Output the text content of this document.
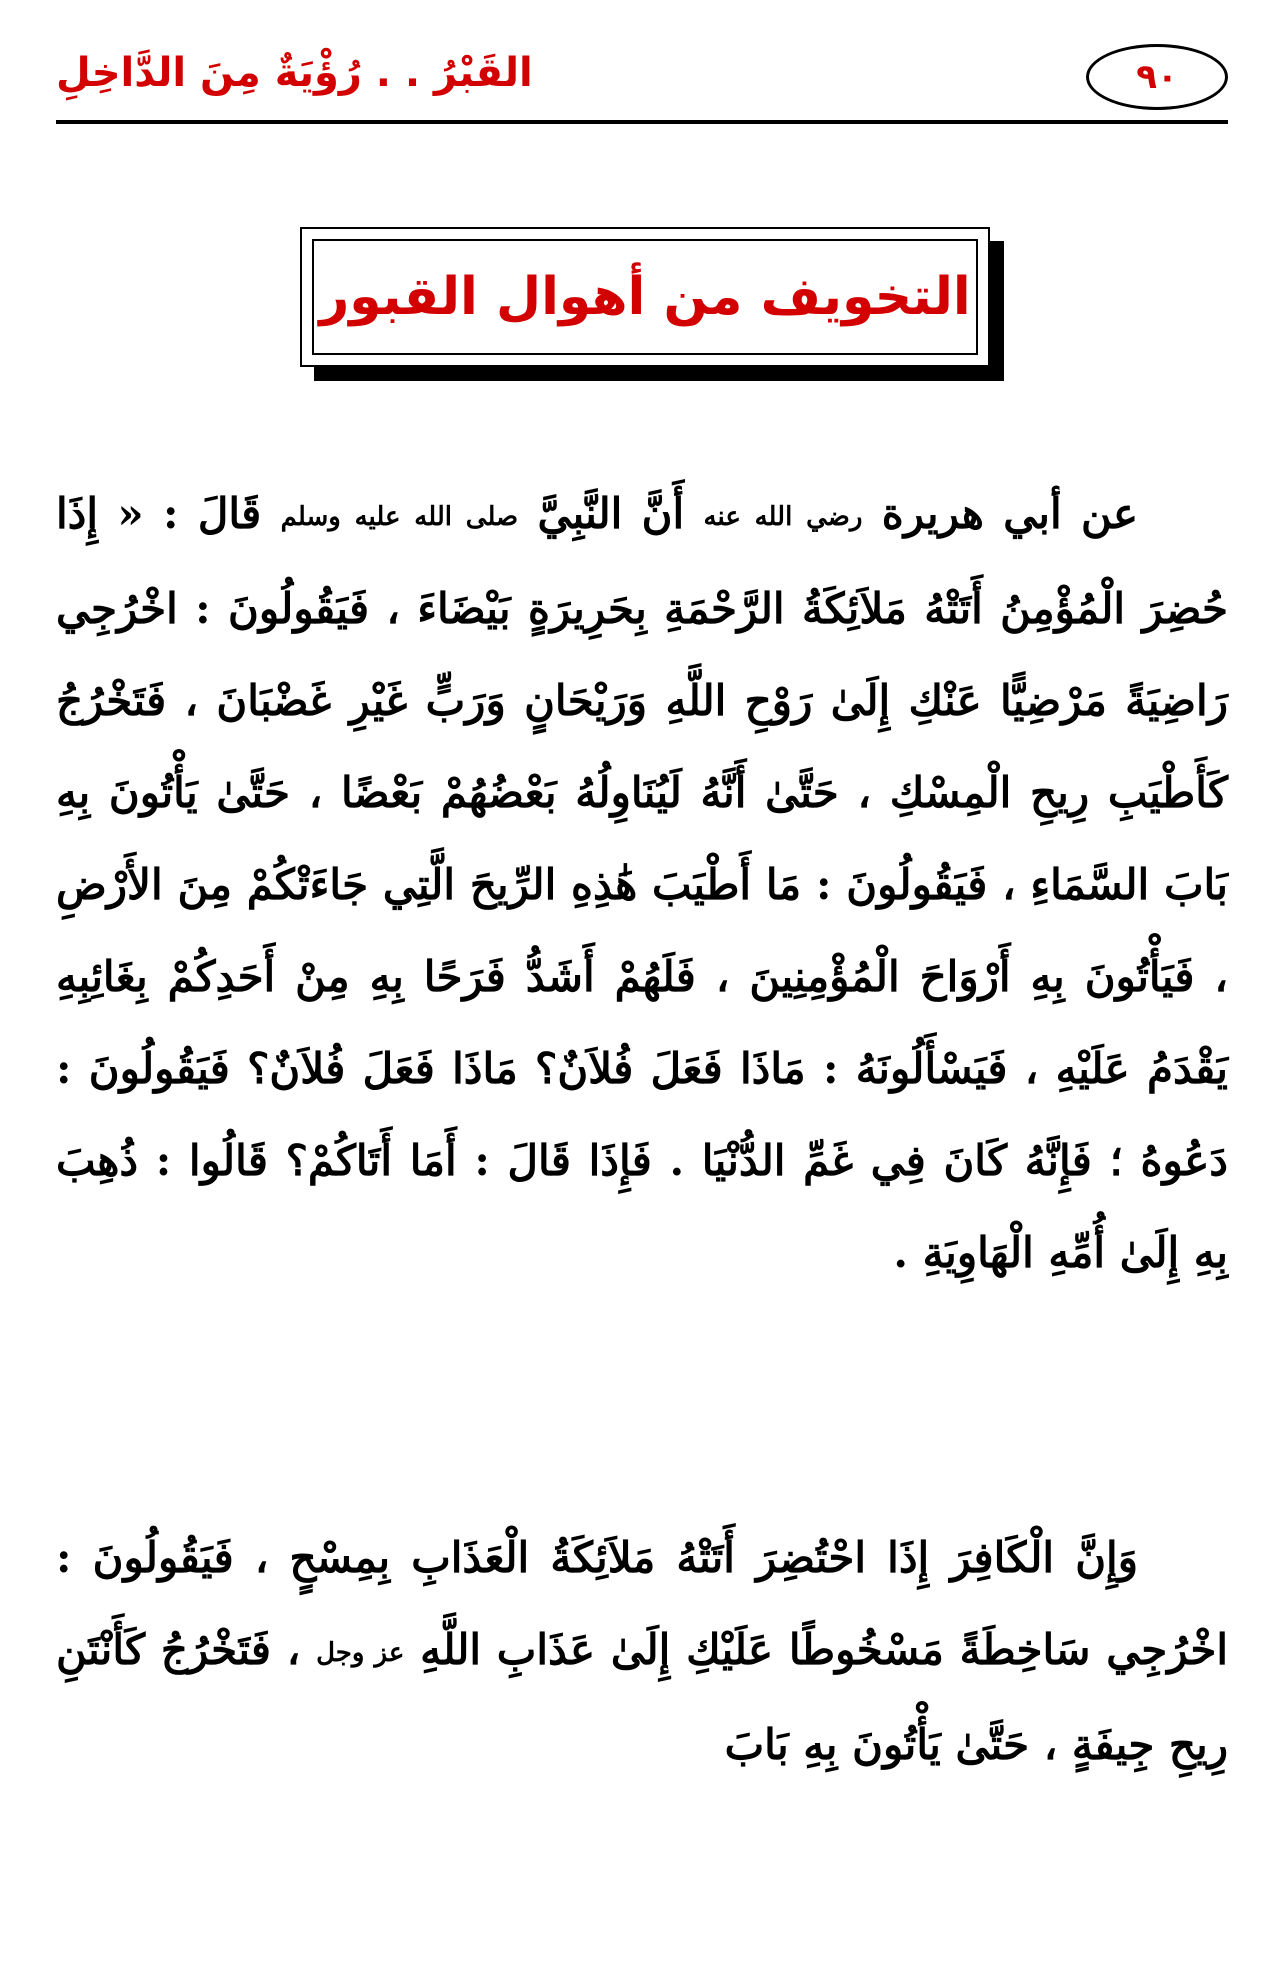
القَبْرُ . . رُؤْيَةٌ مِنَ الدَّاخِلِ	٩٠
التخويف من أهوال القبور
عن أبي هريرة رضي الله عنه أَنَّ النَّبِيَّ صلى الله عليه وسلم قَالَ : « إِذَا حُضِرَ الْمُؤْمِنُ أَتَتْهُ مَلاَئِكَةُ الرَّحْمَةِ بِحَرِيرَةٍ بَيْضَاءَ ، فَيَقُولُونَ : اخْرُجِي رَاضِيَةً مَرْضِيًّا عَنْكِ إِلَىٰ رَوْحِ اللَّهِ وَرَيْحَانٍ وَرَبٍّ غَيْرِ غَضْبَانَ ، فَتَخْرُجُ كَأَطْيَبِ رِيحِ الْمِسْكِ ، حَتَّىٰ أَنَّهُ لَيُنَاوِلُهُ بَعْضُهُمْ بَعْضًا ، حَتَّىٰ يَأْتُونَ بِهِ بَابَ السَّمَاءِ ، فَيَقُولُونَ : مَا أَطْيَبَ هَٰذِهِ الرِّيحَ الَّتِي جَاءَتْكُمْ مِنَ الأَرْضِ ، فَيَأْتُونَ بِهِ أَرْوَاحَ الْمُؤْمِنِينَ ، فَلَهُمْ أَشَدُّ فَرَحًا بِهِ مِنْ أَحَدِكُمْ بِغَائِبِهِ يَقْدَمُ عَلَيْهِ ، فَيَسْأَلُونَهُ : مَاذَا فَعَلَ فُلاَنٌ؟ مَاذَا فَعَلَ فُلاَنٌ؟ فَيَقُولُونَ : دَعُوهُ ؛ فَإِنَّهُ كَانَ فِي غَمِّ الدُّنْيَا . فَإِذَا قَالَ : أَمَا أَتَاكُمْ؟ قَالُوا : ذُهِبَ بِهِ إِلَىٰ أُمِّهِ الْهَاوِيَةِ .
وَإِنَّ الْكَافِرَ إِذَا احْتُضِرَ أَتَتْهُ مَلاَئِكَةُ الْعَذَابِ بِمِسْحٍ ، فَيَقُولُونَ : اخْرُجِي سَاخِطَةً مَسْخُوطًا عَلَيْكِ إِلَىٰ عَذَابِ اللَّهِ عز وجل ، فَتَخْرُجُ كَأَنْتَنِ رِيحِ جِيفَةٍ ، حَتَّىٰ يَأْتُونَ بِهِ بَابَ
